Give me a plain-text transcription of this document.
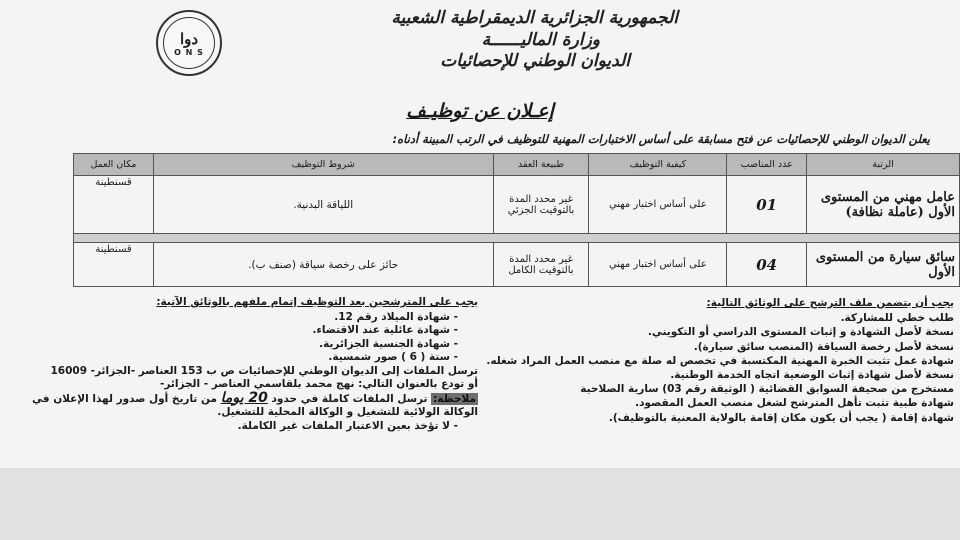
الجمهورية الجزائرية الديمقراطية الشعبية
وزارة الماليــــــة
الديوان الوطني للإحصائيات
ﺩﻭﺍ
O N S
إعـلان عن توظيـف
يعلن الديوان الوطني للإحصائيات عن فتح مسابقة على أساس الاختبارات المهنية للتوظيف في الرتب المبينة أدناه:
الرتبة	عدد المناصب	كيفية التوظيف	طبيعة العقد	شروط التوظيف	مكان العمل
عامل مهني من المستوى الأول (عاملة نظافة)	01	على أساس اختبار مهني	غير محدد المدة بالتوقيت الجزئي	اللياقة البدنية.	قسنطينة

سائق سيارة من المستوى الأول	04	على أساس اختبار مهني	غير محدد المدة بالتوقيت الكامل	حائز على رخصة سياقة (صنف ب).	قسنطينة
يجب على المترشحين بعد التوظيف إتمام ملفهم بالوثائق الآتية:
- شهادة الميلاد رقم 12.
- شهادة عائلية عند الاقتضاء.
- شهادة الجنسية الجزائرية.
- ستة ( 6 ) صور شمسية.

ترسل الملفات إلى الديوان الوطني للإحصائيات ص ب 153 العناصر -الجزائر- 16009

أو تودع بالعنوان التالي: نهج محمد بلقاسمي العناصر - الجزائر-

ملاحظة: ترسل الملفات كاملة في حدود 20 يوما من تاريخ أول صدور لهذا الإعلان في

الوكالة الولائية للتشغيل و الوكالة المحلية للتشغيل.

- لا تؤخذ بعين الاعتبار الملفات غير الكاملة.

يجب أن يتضمن ملف الترشح على الوثائق التالية:
طلب خطي للمشاركة.
نسخة لأصل الشهادة و إثبات المستوى الدراسي أو التكويني.
نسخة لأصل رخصة السياقة (المنصب سائق سيارة).
شهادة عمل تثبت الخبرة المهنية المكتسبة في تخصص له صلة مع منصب العمل المراد شغله.
نسخة لأصل شهادة إثبات الوضعية اتجاه الخدمة الوطنية.
مستخرج من صحيفة السوابق القضائية ( الوثيقة رقم 03) سارية الصلاحية
شهادة طبية تثبت تأهل المترشح لشغل منصب العمل المقصود.
شهادة إقامة ( يجب أن يكون مكان إقامة بالولاية المعنية بالتوظيف).
